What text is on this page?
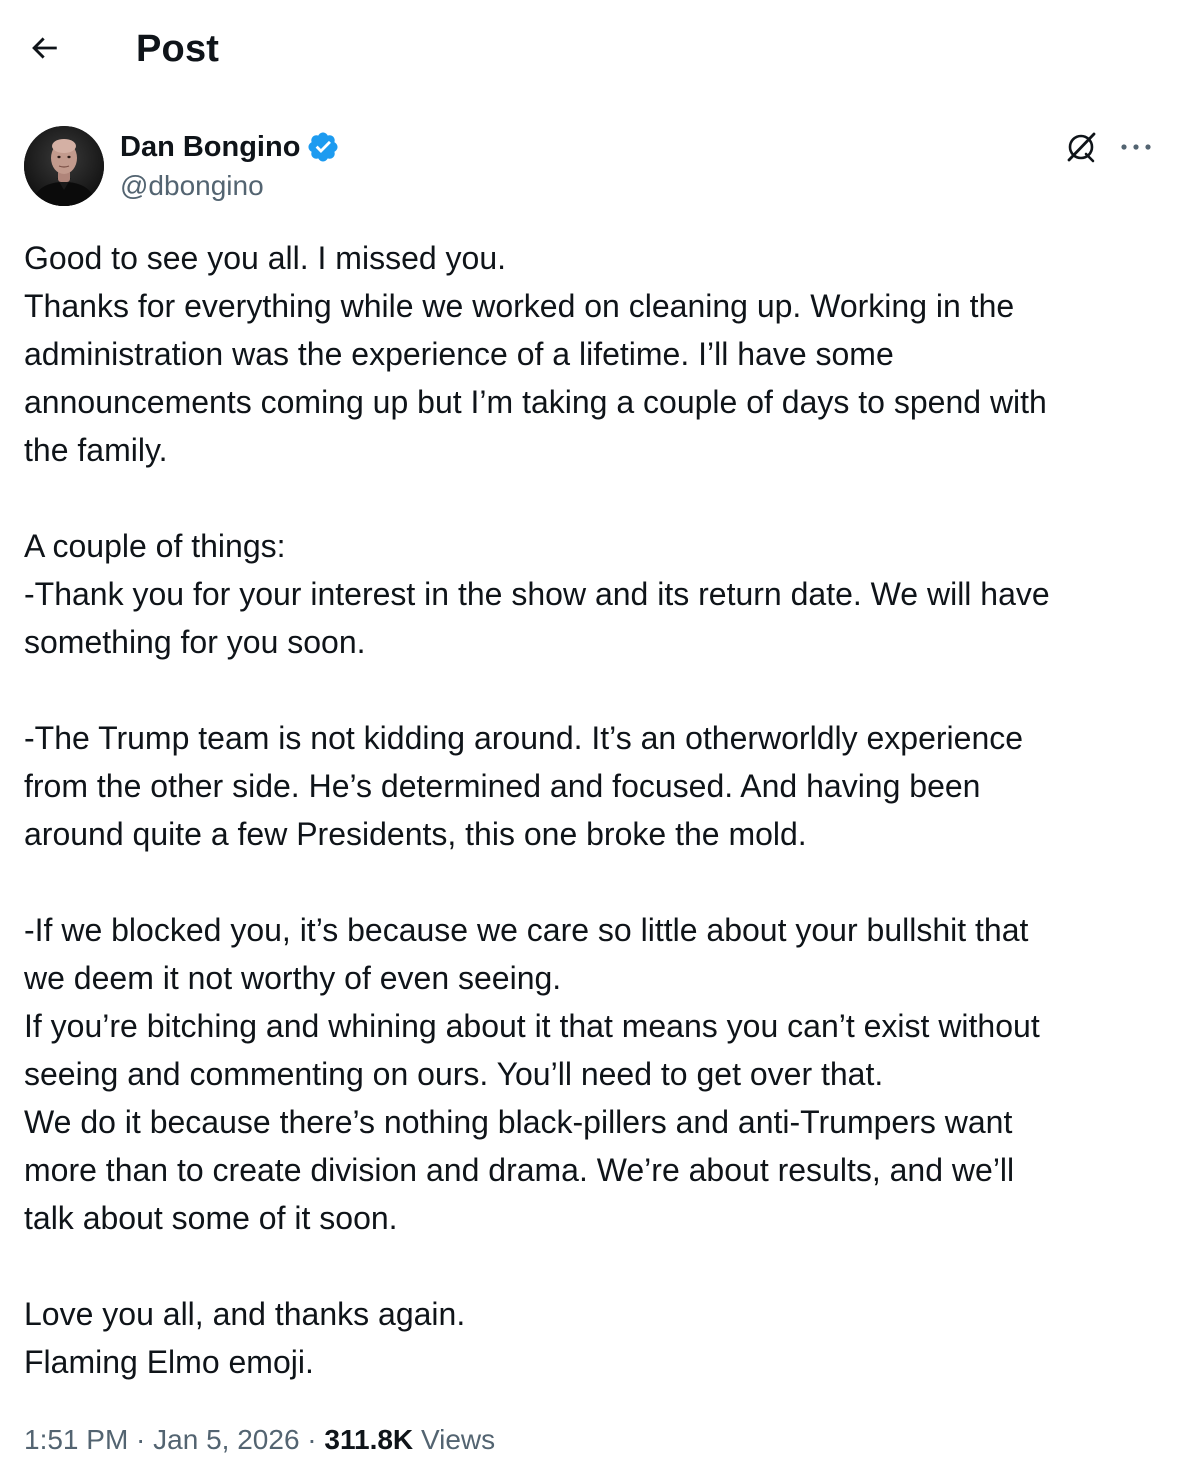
Post
Dan Bongino
@dbongino
Good to see you all. I missed you.
Thanks for everything while we worked on cleaning up. Working in the
administration was the experience of a lifetime. I’ll have some
announcements coming up but I’m taking a couple of days to spend with
the family.
A couple of things:
-Thank you for your interest in the show and its return date. We will have
something for you soon.
-The Trump team is not kidding around. It’s an otherworldly experience
from the other side. He’s determined and focused. And having been
around quite a few Presidents, this one broke the mold.
-If we blocked you, it’s because we care so little about your bullshit that
we deem it not worthy of even seeing.
If you’re bitching and whining about it that means you can’t exist without
seeing and commenting on ours. You’ll need to get over that.
We do it because there’s nothing black-pillers and anti-Trumpers want
more than to create division and drama. We’re about results, and we’ll
talk about some of it soon.
Love you all, and thanks again.
Flaming Elmo emoji.
1:51 PM · Jan 5, 2026 · 311.8K Views
